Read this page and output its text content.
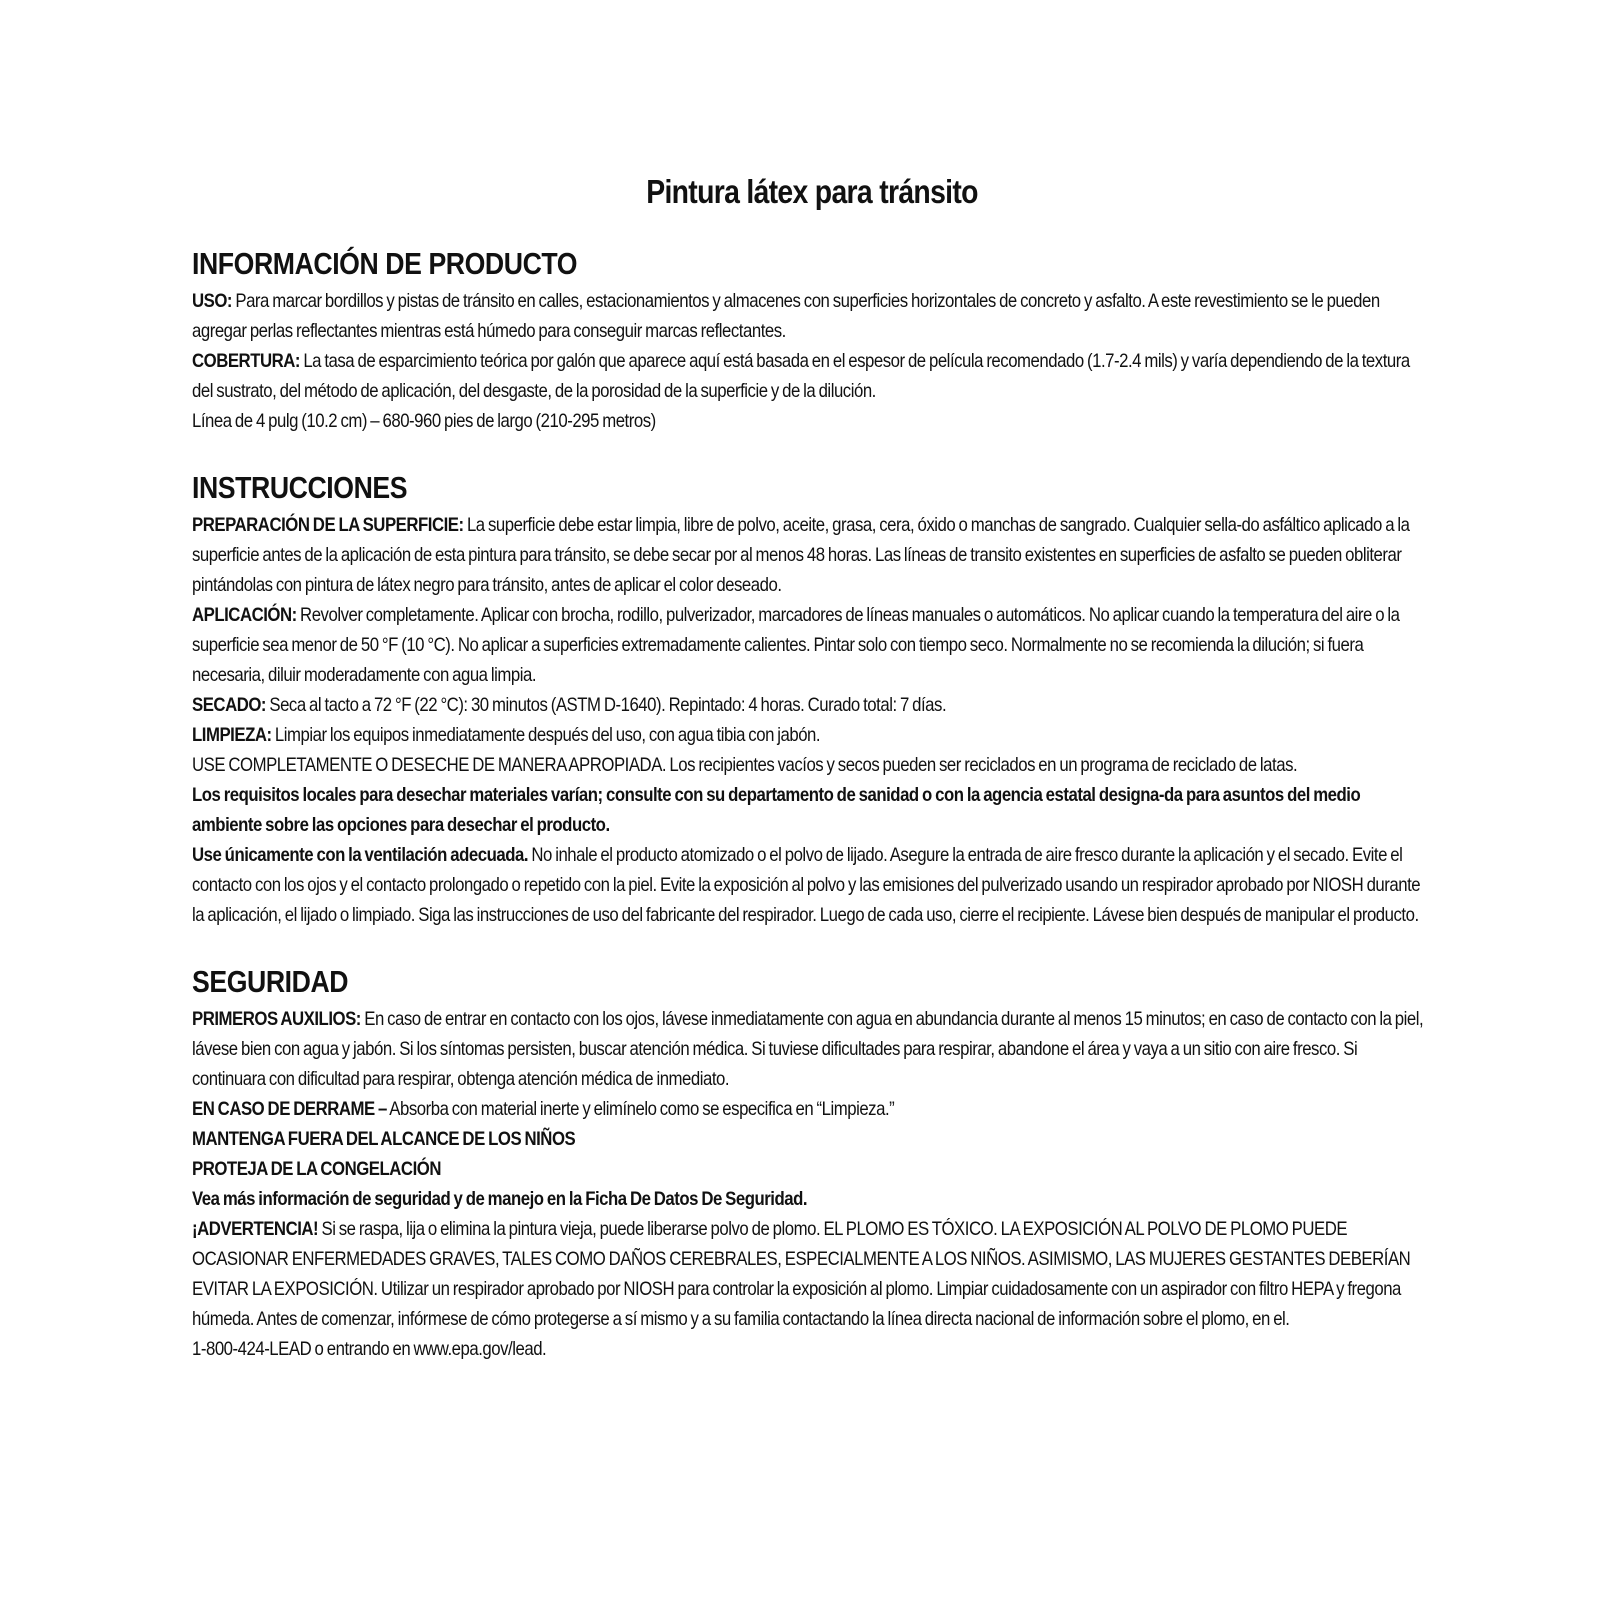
Pintura látex para tránsito
INFORMACIÓN DE PRODUCTO

USO: Para marcar bordillos y pistas de tránsito en calles, estacionamientos y almacenes con superficies horizontales de concreto y asfalto. A este revestimiento se le pueden agregar perlas reflectantes mientras está húmedo para conseguir marcas reflectantes.

COBERTURA: La tasa de esparcimiento teórica por galón que aparece aquí está basada en el espesor de película recomendado (1.7-2.4 mils) y varía dependiendo de la textura del sustrato, del método de aplicación, del desgaste, de la porosidad de la superficie y de la dilución.

Línea de 4 pulg (10.2 cm) – 680-960 pies de largo (210-295 metros)

INSTRUCCIONES

PREPARACIÓN DE LA SUPERFICIE: La superficie debe estar limpia, libre de polvo, aceite, grasa, cera, óxido o manchas de sangrado. Cualquier sella-do asfáltico aplicado a la superficie antes de la aplicación de esta pintura para tránsito, se debe secar por al menos 48 horas. Las líneas de transito existentes en superficies de asfalto se pueden obliterar pintándolas con pintura de látex negro para tránsito, antes de aplicar el color deseado.

APLICACIÓN: Revolver completamente. Aplicar con brocha, rodillo, pulverizador, marcadores de líneas manuales o automáticos. No aplicar cuando la temperatura del aire o la superficie sea menor de 50 °F (10 °C). No aplicar a superficies extremadamente calientes. Pintar solo con tiempo seco. Normalmente no se recomienda la dilución; si fuera necesaria, diluir moderadamente con agua limpia.

SECADO: Seca al tacto a 72 °F (22 °C): 30 minutos (ASTM D-1640). Repintado: 4 horas. Curado total: 7 días.

LIMPIEZA: Limpiar los equipos inmediatamente después del uso, con agua tibia con jabón.

USE COMPLETAMENTE O DESECHE DE MANERA APROPIADA. Los recipientes vacíos y secos pueden ser reciclados en un programa de reciclado de latas.

Los requisitos locales para desechar materiales varían; consulte con su departamento de sanidad o con la agencia estatal designa-da para asuntos del medio ambiente sobre las opciones para desechar el producto.

Use únicamente con la ventilación adecuada. No inhale el producto atomizado o el polvo de lijado. Asegure la entrada de aire fresco durante la aplicación y el secado. Evite el contacto con los ojos y el contacto prolongado o repetido con la piel. Evite la exposición al polvo y las emisiones del pulverizado usando un respirador aprobado por NIOSH durante la aplicación, el lijado o limpiado. Siga las instrucciones de uso del fabricante del respirador. Luego de cada uso, cierre el recipiente. Lávese bien después de manipular el producto.

SEGURIDAD

PRIMEROS AUXILIOS: En caso de entrar en contacto con los ojos, lávese inmediatamente con agua en abundancia durante al menos 15 minutos; en caso de contacto con la piel, lávese bien con agua y jabón. Si los síntomas persisten, buscar atención médica. Si tuviese dificultades para respirar, abandone el área y vaya a un sitio con aire fresco. Si continuara con dificultad para respirar, obtenga atención médica de inmediato.

EN CASO DE DERRAME – Absorba con material inerte y elimínelo como se especifica en “Limpieza.”

MANTENGA FUERA DEL ALCANCE DE LOS NIÑOS

PROTEJA DE LA CONGELACIÓN

Vea más información de seguridad y de manejo en la Ficha De Datos De Seguridad.

¡ADVERTENCIA! Si se raspa, lija o elimina la pintura vieja, puede liberarse polvo de plomo. EL PLOMO ES TÓXICO. LA EXPOSICIÓN AL POLVO DE PLOMO PUEDE OCASIONAR ENFERMEDADES GRAVES, TALES COMO DAÑOS CEREBRALES, ESPECIALMENTE A LOS NIÑOS. ASIMISMO, LAS MUJERES GESTANTES DEBERÍAN EVITAR LA EXPOSICIÓN. Utilizar un respirador aprobado por NIOSH para controlar la exposición al plomo. Limpiar cuidadosamente con un aspirador con filtro HEPA y fregona húmeda. Antes de comenzar, infórmese de cómo protegerse a sí mismo y a su familia contactando la línea directa nacional de información sobre el plomo, en el.

1-800-424-LEAD o entrando en www.epa.gov/lead.
